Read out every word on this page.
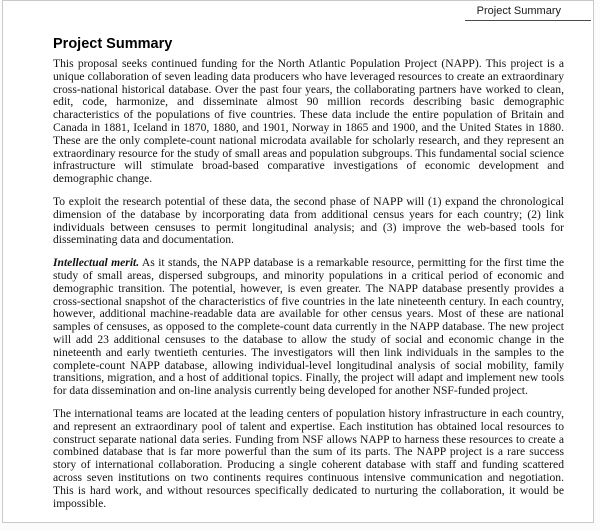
Project Summary
Project Summary

This proposal seeks continued funding for the North Atlantic Population Project (NAPP). This project is a unique collaboration of seven leading data producers who have leveraged resources to create an extraordinary cross-national historical database. Over the past four years, the collaborating partners have worked to clean, edit, code, harmonize, and disseminate almost 90 million records describing basic demographic characteristics of the populations of five countries. These data include the entire population of Britain and Canada in 1881, Iceland in 1870, 1880, and 1901, Norway in 1865 and 1900, and the United States in 1880. These are the only complete-count national microdata available for scholarly research, and they represent an extraordinary resource for the study of small areas and population subgroups. This fundamental social science infrastructure will stimulate broad-based comparative investigations of economic development and demographic change.

To exploit the research potential of these data, the second phase of NAPP will (1) expand the chronological dimension of the database by incorporating data from additional census years for each country; (2) link individuals between censuses to permit longitudinal analysis; and (3) improve the web-based tools for disseminating data and documentation.

Intellectual merit. As it stands, the NAPP database is a remarkable resource, permitting for the first time the study of small areas, dispersed subgroups, and minority populations in a critical period of economic and demographic transition. The potential, however, is even greater. The NAPP database presently provides a cross-sectional snapshot of the characteristics of five countries in the late nineteenth century. In each country, however, additional machine-readable data are available for other census years. Most of these are national samples of censuses, as opposed to the complete-count data currently in the NAPP database. The new project will add 23 additional censuses to the database to allow the study of social and economic change in the nineteenth and early twentieth centuries. The investigators will then link individuals in the samples to the complete-count NAPP database, allowing individual-level longitudinal analysis of social mobility, family transitions, migration, and a host of additional topics. Finally, the project will adapt and implement new tools for data dissemination and on-line analysis currently being developed for another NSF-funded project.

The international teams are located at the leading centers of population history infrastructure in each country, and represent an extraordinary pool of talent and expertise. Each institution has obtained local resources to construct separate national data series. Funding from NSF allows NAPP to harness these resources to create a combined database that is far more powerful than the sum of its parts. The NAPP project is a rare success story of international collaboration. Producing a single coherent database with staff and funding scattered across seven institutions on two continents requires continuous intensive communication and negotiation. This is hard work, and without resources specifically dedicated to nurturing the collaboration, it would be impossible.
